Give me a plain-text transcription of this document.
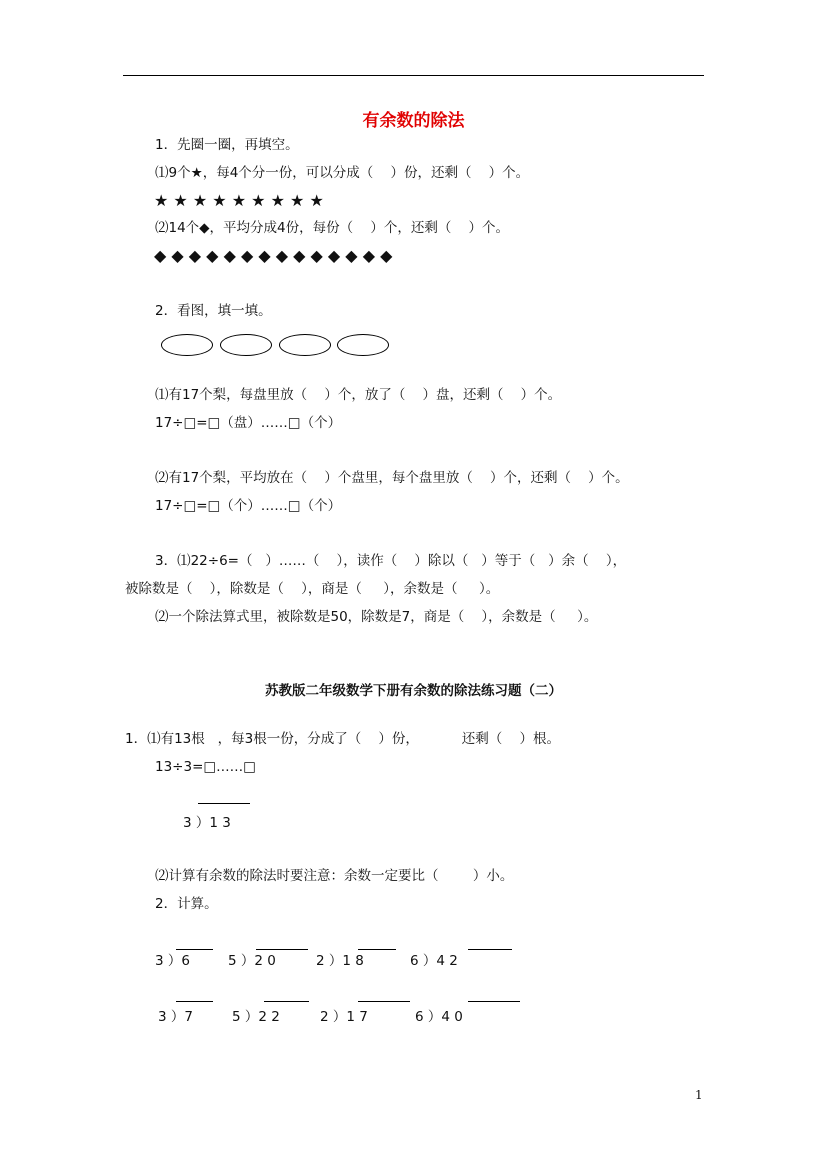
有余数的除法
1．先圈一圈，再填空。
⑴9个★，每4个分一份，可以分成（    ）份，还剩（    ）个。
★ ★ ★ ★ ★ ★ ★ ★ ★
⑵14个◆，平均分成4份，每份（    ）个，还剩（    ）个。
◆ ◆ ◆ ◆ ◆ ◆ ◆ ◆ ◆ ◆ ◆ ◆ ◆ ◆
2．看图，填一填。
⑴有17个梨，每盘里放（    ）个，放了（    ）盘，还剩（    ）个。
17÷□=□（盘）……□（个）
⑵有17个梨，平均放在（    ）个盘里，每个盘里放（    ）个，还剩（    ）个。
17÷□=□（个）……□（个）
3．⑴22÷6=（   ）……（    ），读作（    ）除以（   ）等于（   ）余（    ），
被除数是（    ），除数是（    ），商是（     ），余数是（     ）。
⑵一个除法算式里，被除数是50，除数是7，商是（    ），余数是（     ）。
苏教版二年级数学下册有余数的除法练习题（二）
1．⑴有13根   ，每3根一份，分成了（    ）份，          还剩（    ）根。
13÷3=□……□
3 ）1 3
⑵计算有余数的除法时要注意：余数一定要比（        ）小。
2．计算。
3 ）6	5 ）2 0	2 ）1 8	6 ）4 2
3 ）7	5 ）2 2	2 ）1 7	6 ）4 0
1
